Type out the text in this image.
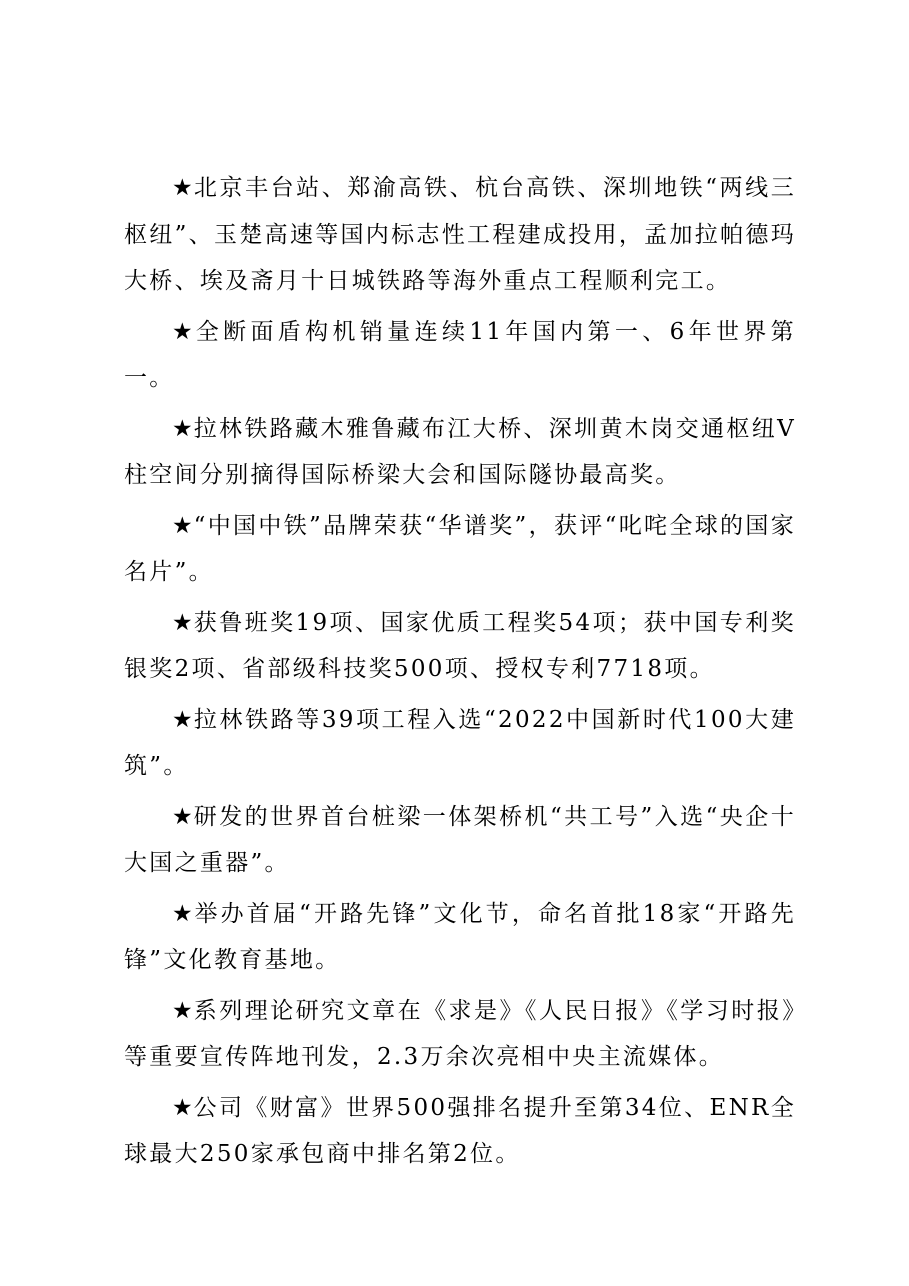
★北京丰台站、郑渝高铁、杭台高铁、深圳地铁“两线三枢纽”、玉楚高速等国内标志性工程建成投用，孟加拉帕德玛大桥、埃及斋月十日城铁路等海外重点工程顺利完工。

★全断面盾构机销量连续11年国内第一、6年世界第一。

★拉林铁路藏木雅鲁藏布江大桥、深圳黄木岗交通枢纽V柱空间分别摘得国际桥梁大会和国际隧协最高奖。

★“中国中铁”品牌荣获“华谱奖”，获评“叱咤全球的国家名片”。

★获鲁班奖19项、国家优质工程奖54项；获中国专利奖银奖2项、省部级科技奖500项、授权专利7718项。

★拉林铁路等39项工程入选“2022中国新时代100大建筑”。

★研发的世界首台桩梁一体架桥机“共工号”入选“央企十大国之重器”。

★举办首届“开路先锋”文化节，命名首批18家“开路先锋”文化教育基地。

★系列理论研究文章在《求是》《人民日报》《学习时报》等重要宣传阵地刊发，2.3万余次亮相中央主流媒体。

★公司《财富》世界500强排名提升至第34位、ENR全球最大250家承包商中排名第2位。
